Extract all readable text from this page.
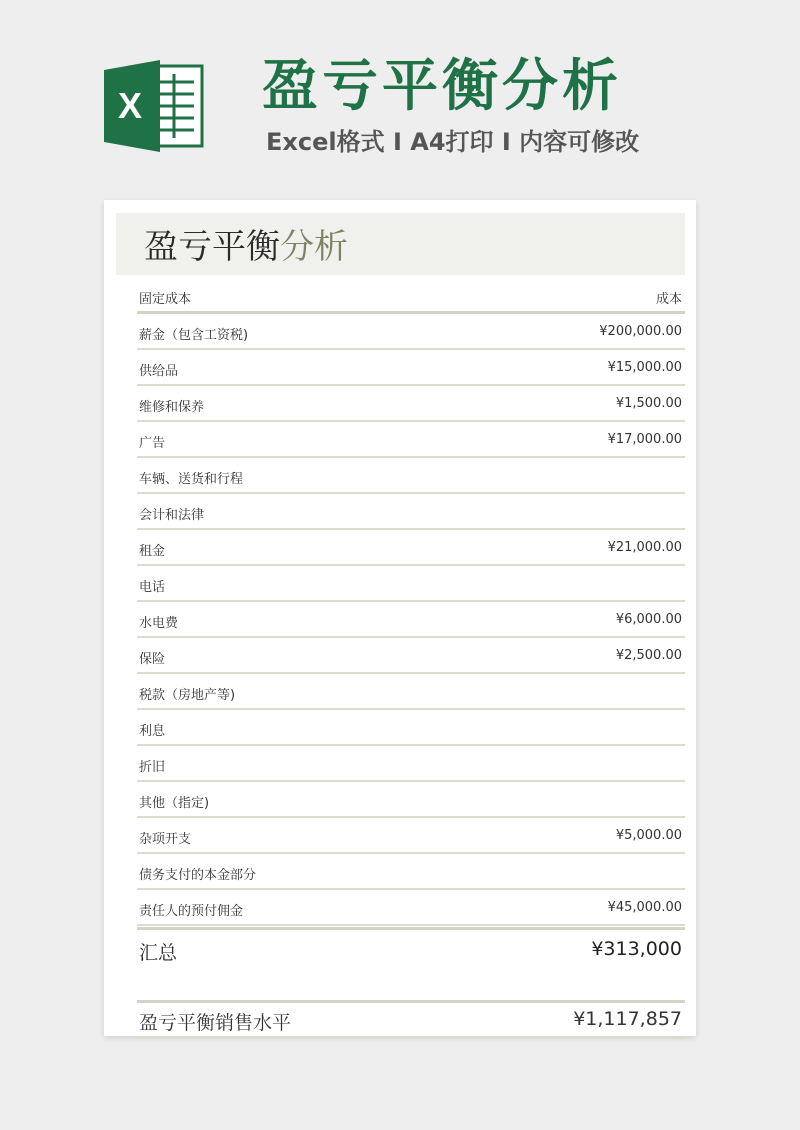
X 盈亏平衡分析
Excel格式 I A4打印 I 内容可修改
盈亏平衡分析
固定成本	成本
薪金（包含工资税)	¥200,000.00
供给品	¥15,000.00
维修和保养	¥1,500.00
广告	¥17,000.00
车辆、送货和行程
会计和法律
租金	¥21,000.00
电话
水电费	¥6,000.00
保险	¥2,500.00
税款（房地产等)
利息
折旧
其他（指定)
杂项开支	¥5,000.00
债务支付的本金部分
责任人的预付佣金	¥45,000.00
汇总	¥313,000
盈亏平衡销售水平	¥1,117,857
